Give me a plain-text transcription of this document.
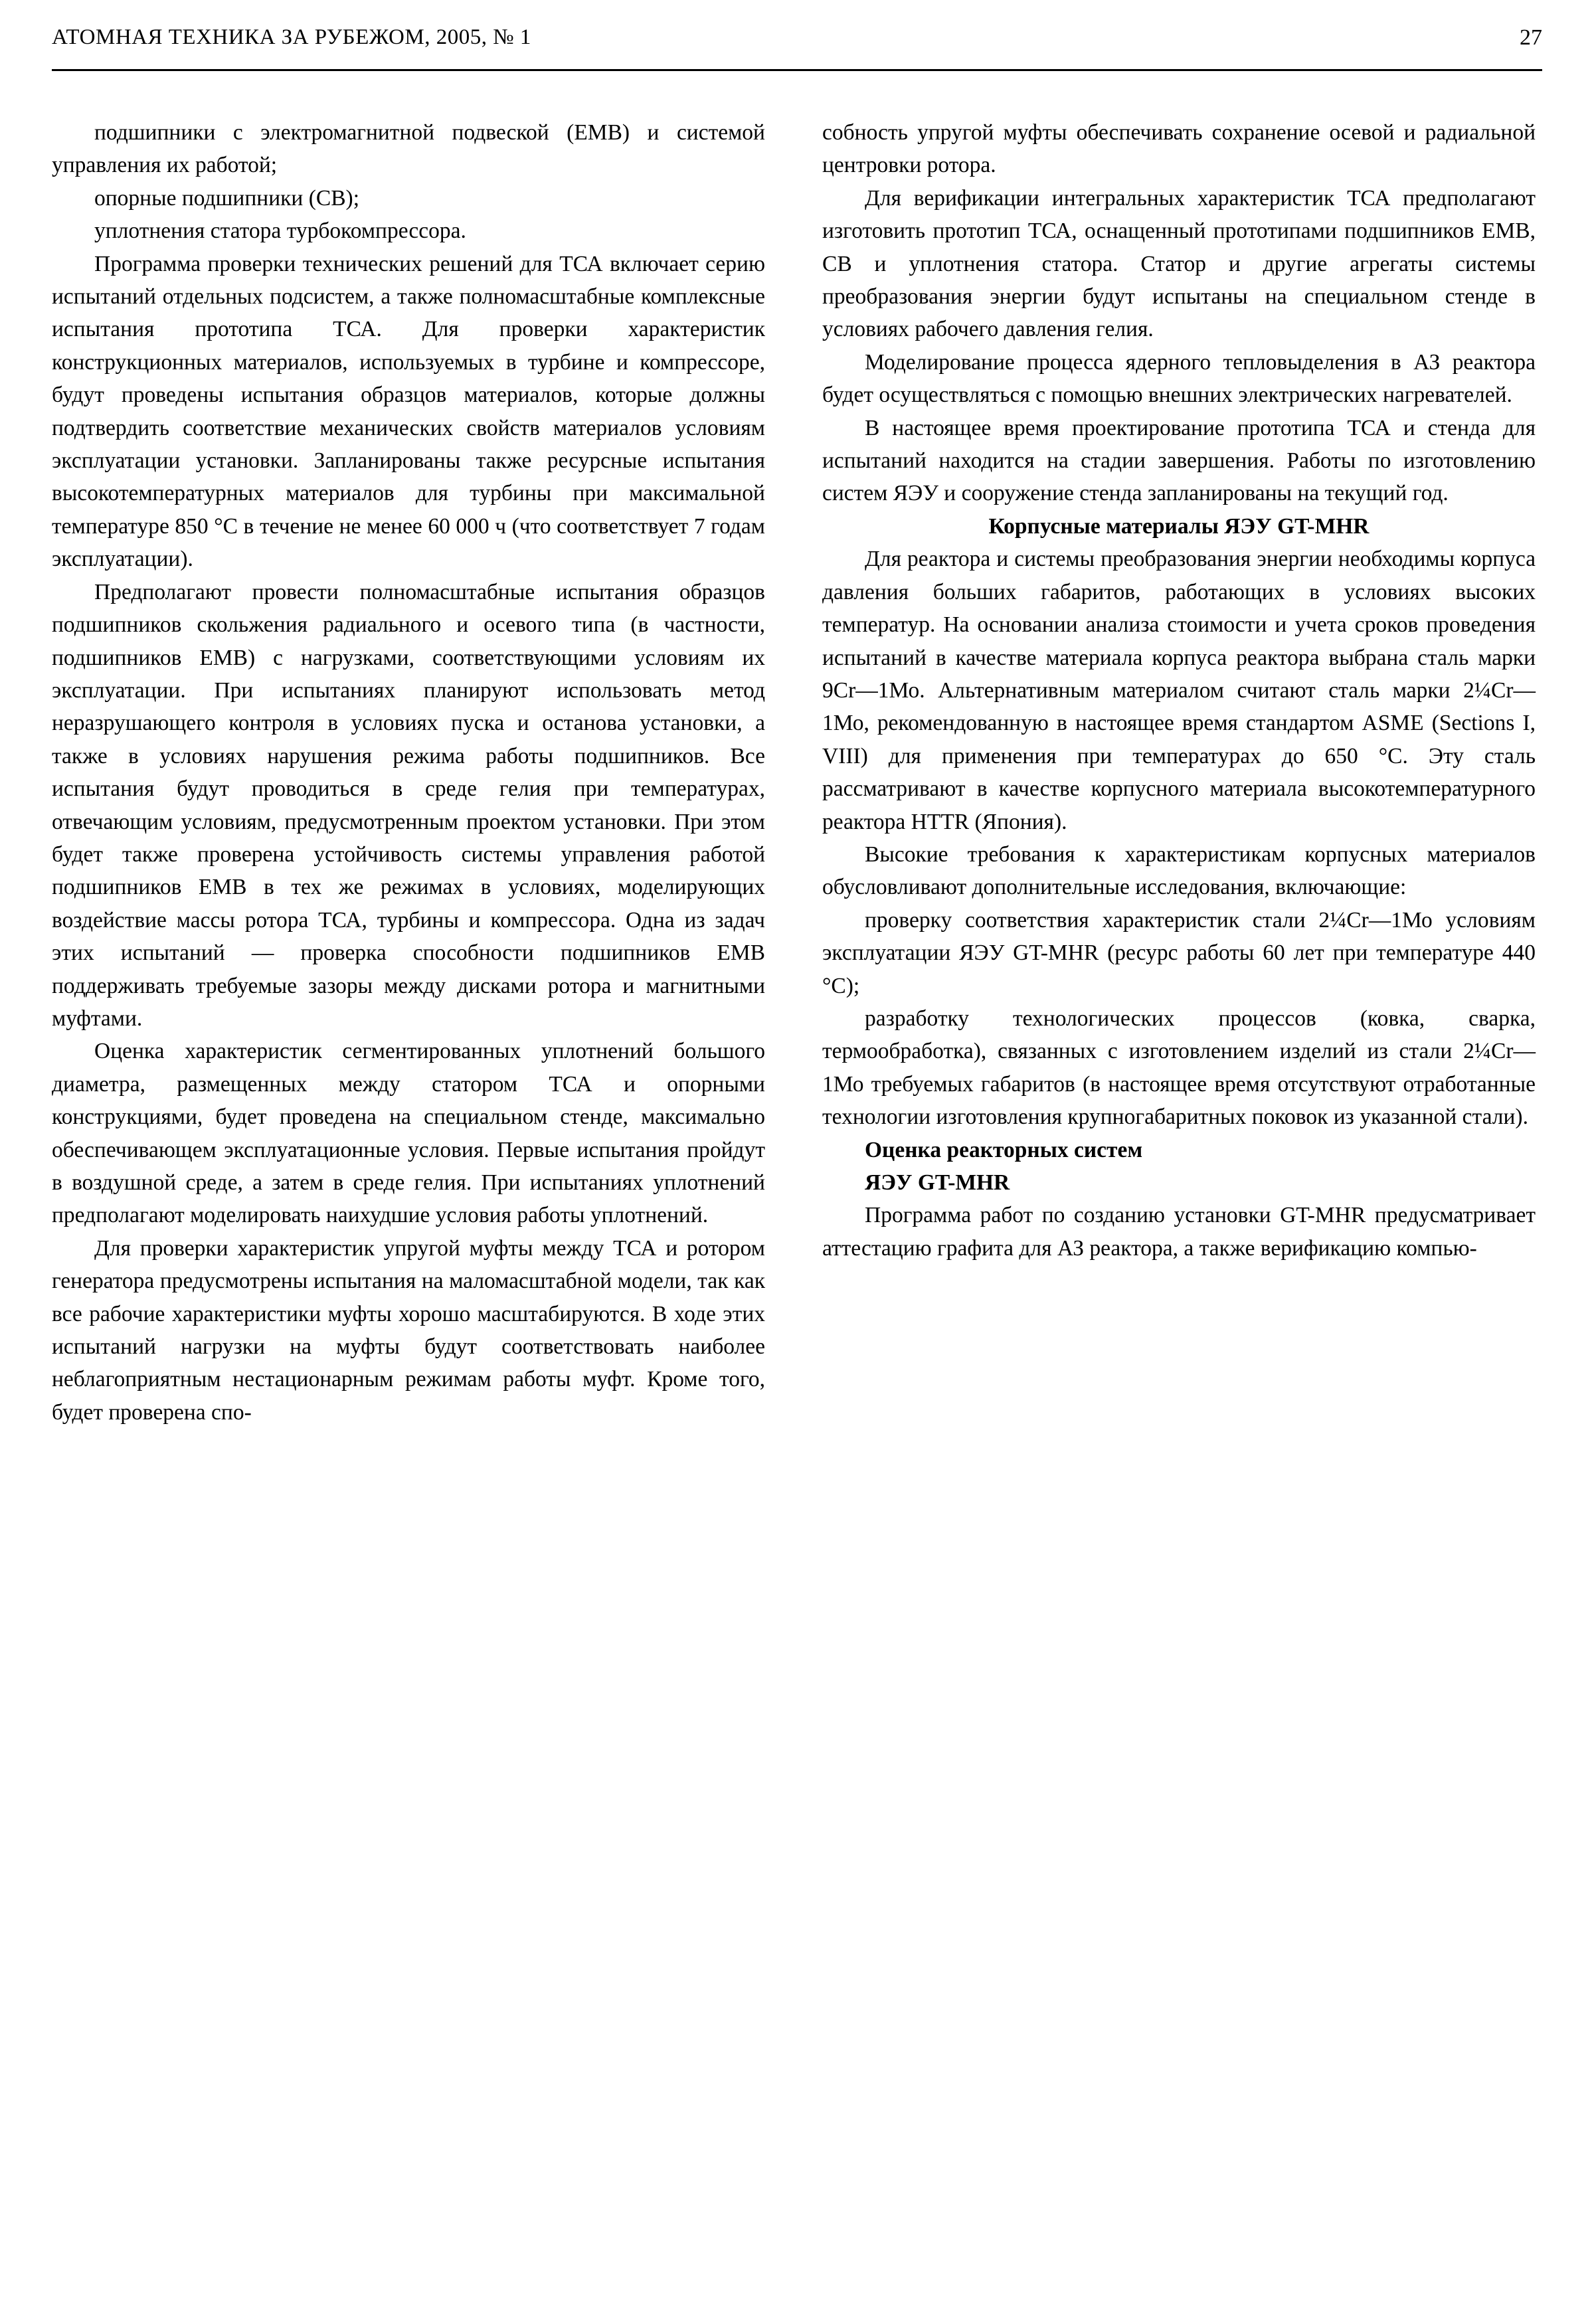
АТОМНАЯ ТЕХНИКА ЗА РУБЕЖОМ, 2005, № 1	27

подшипники с электромагнитной подвеской (ЕМВ) и системой управления их работой;

опорные подшипники (СВ);

уплотнения статора турбокомпрессора.

Программа проверки технических решений для ТСА включает серию испытаний отдельных подсистем, а также полномасштабные комплексные испытания прототипа ТСА. Для проверки характеристик конструкционных материалов, используемых в турбине и компрессоре, будут проведены испытания образцов материалов, которые должны подтвердить соответствие механических свойств материалов условиям эксплуатации установки. Запланированы также ресурсные испытания высокотемпературных материалов для турбины при максимальной температуре 850 °С в течение не менее 60 000 ч (что соответствует 7 годам эксплуатации).

Предполагают провести полномасштабные испытания образцов подшипников скольжения радиального и осевого типа (в частности, подшипников ЕМВ) с нагрузками, соответствующими условиям их эксплуатации. При испытаниях планируют использовать метод неразрушающего контроля в условиях пуска и останова установки, а также в условиях нарушения режима работы подшипников. Все испытания будут проводиться в среде гелия при температурах, отвечающим условиям, предусмотренным проектом установки. При этом будет также проверена устойчивость системы управления работой подшипников ЕМВ в тех же режимах в условиях, моделирующих воздействие массы ротора ТСА, турбины и компрессора. Одна из задач этих испытаний — проверка способности подшипников ЕМВ поддерживать требуемые зазоры между дисками ротора и магнитными муфтами.

Оценка характеристик сегментированных уплотнений большого диаметра, размещенных между статором ТСА и опорными конструкциями, будет проведена на специальном стенде, максимально обеспечивающем эксплуатационные условия. Первые испытания пройдут в воздушной среде, а затем в среде гелия. При испытаниях уплотнений предполагают моделировать наихудшие условия работы уплотнений.

Для проверки характеристик упругой муфты между ТСА и ротором генератора предусмотрены испытания на маломасштабной модели, так как все рабочие характеристики муфты хорошо масштабируются. В ходе этих испытаний нагрузки на муфты будут соответствовать наиболее неблагоприятным нестационарным режимам работы муфт. Кроме того, будет проверена спо-

собность упругой муфты обеспечивать сохранение осевой и радиальной центровки ротора.

Для верификации интегральных характеристик ТСА предполагают изготовить прототип ТСА, оснащенный прототипами подшипников ЕМВ, СВ и уплотнения статора. Статор и другие агрегаты системы преобразования энергии будут испытаны на специальном стенде в условиях рабочего давления гелия.

Моделирование процесса ядерного тепловыделения в АЗ реактора будет осуществляться с помощью внешних электрических нагревателей.

В настоящее время проектирование прототипа ТСА и стенда для испытаний находится на стадии завершения. Работы по изготовлению систем ЯЭУ и сооружение стенда запланированы на текущий год.

Корпусные материалы ЯЭУ GT-MHR

Для реактора и системы преобразования энергии необходимы корпуса давления больших габаритов, работающих в условиях высоких температур. На основании анализа стоимости и учета сроков проведения испытаний в качестве материала корпуса реактора выбрана сталь марки 9Cr—1Мо. Альтернативным материалом считают сталь марки 2¼Cr—1Мо, рекомендованную в настоящее время стандартом ASME (Sections I, VIII) для применения при температурах до 650 °С. Эту сталь рассматривают в качестве корпусного материала высокотемпературного реактора HTTR (Япония).

Высокие требования к характеристикам корпусных материалов обусловливают дополнительные исследования, включающие:

проверку соответствия характеристик стали 2¼Cr—1Мо условиям эксплуатации ЯЭУ GT-MHR (ресурс работы 60 лет при температуре 440 °С);

разработку технологических процессов (ковка, сварка, термообработка), связанных с изготовлением изделий из стали 2¼Cr—1Мо требуемых габаритов (в настоящее время отсутствуют отработанные технологии изготовления крупногабаритных поковок из указанной стали).

Оценка реакторных систем
ЯЭУ GT-MHR

Программа работ по созданию установки GT-MHR предусматривает аттестацию графита для АЗ реактора, а также верификацию компью-
